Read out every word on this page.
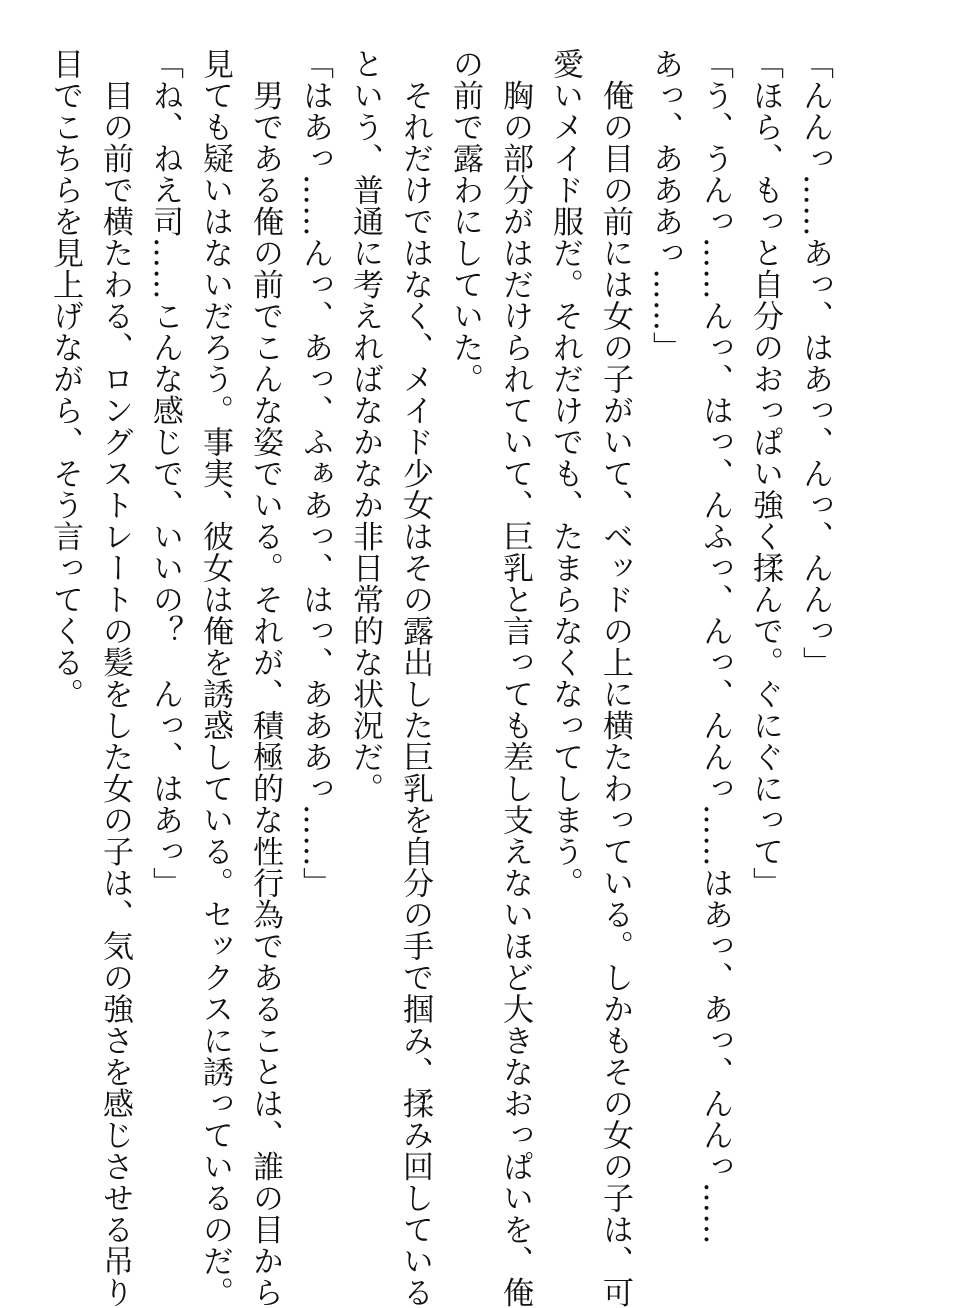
「んんっ……あっ、はあっ、んっ、んんっ」

「ほら、もっと自分のおっぱい強く揉んで。ぐにぐにって」

「う、うんっ……んっ、はっ、んふっ、んっ、んんっ……はあっ、あっ、んんっ……

あっ、あああっ……」

　俺の目の前には女の子がいて、ベッドの上に横たわっている。しかもその女の子は、可

愛いメイド服だ。それだけでも、たまらなくなってしまう。

　胸の部分がはだけられていて、巨乳と言っても差し支えないほど大きなおっぱいを、俺

の前で露わにしていた。

　それだけではなく、メイド少女はその露出した巨乳を自分の手で掴み、揉み回している

という、普通に考えればなかなか非日常的な状況だ。

「はあっ……んっ、あっ、ふぁあっ、はっ、あああっ……」

　男である俺の前でこんな姿でいる。それが、積極的な性行為であることは、誰の目から

見ても疑いはないだろう。事実、彼女は俺を誘惑している。セックスに誘っているのだ。

「ね、ねえ司……こんな感じで、いいの？　んっ、はあっ」

　目の前で横たわる、ロングストレートの髪をした女の子は、気の強さを感じさせる吊り

目でこちらを見上げながら、そう言ってくる。
